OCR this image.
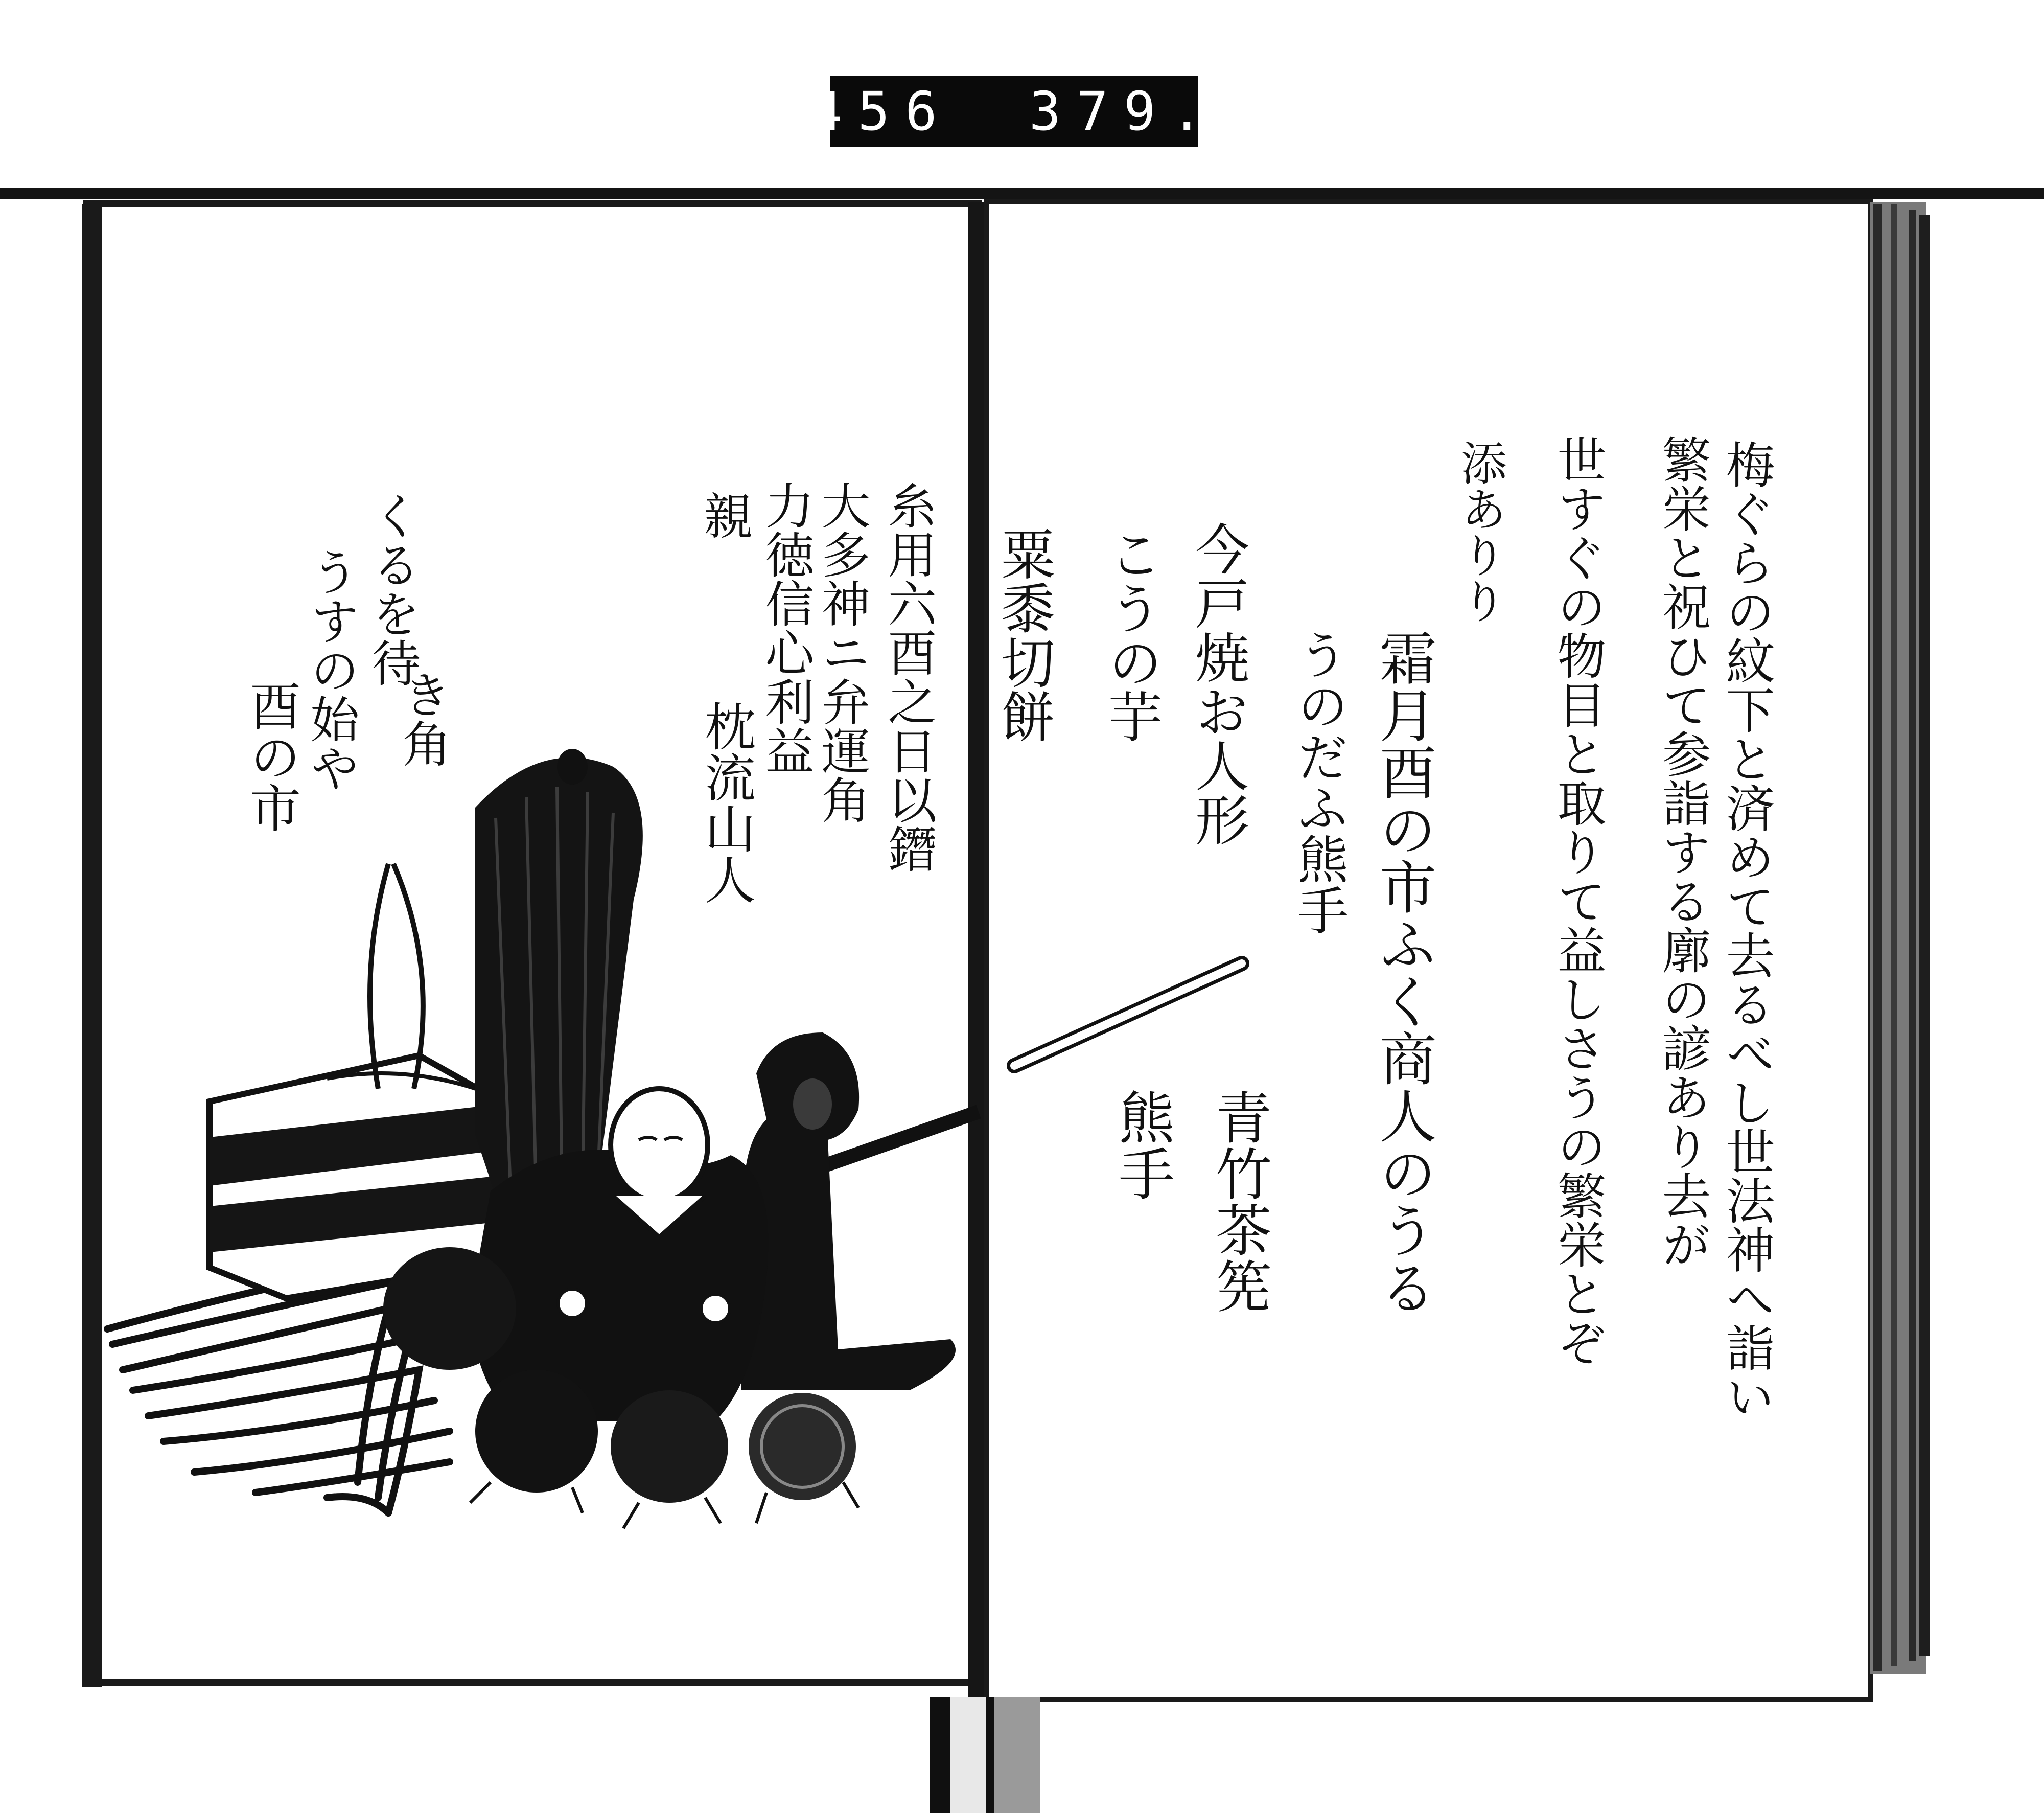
456 379.
梅ぐらの紋下と済めて去るべし世法神へ詣い
繁栄と祝ひて参詣する廓の諺あり去が
世すぐの物目と取りて益しさうの繁栄とぞ
添ありり
霜月酉の市ふく商人のうる
うのだふ熊手
今戸焼お人形
こうの芋
粟黍切餅
青竹茶筅
熊手
糸用六酉之日以鐕
大多神ニ弁運角
力徳信心利益
親
枕流山人
き角
くるを待
うすの始や
酉の市
